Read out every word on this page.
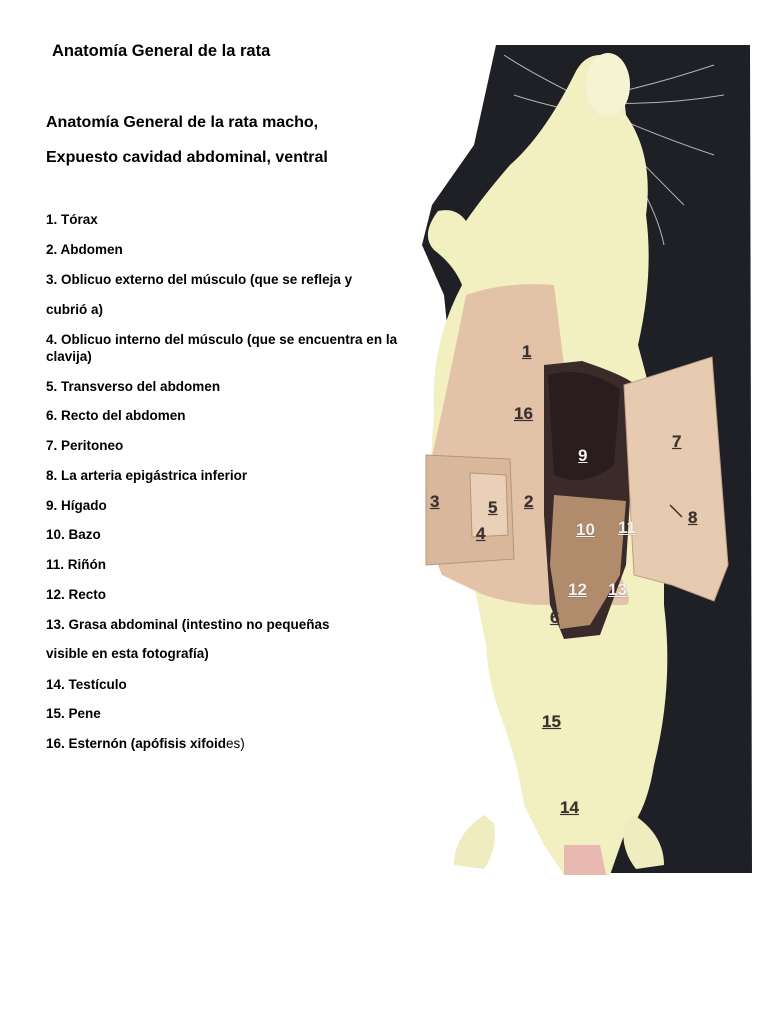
Anatomía General de la rata
Anatomía General de la rata macho,
Expuesto cavidad abdominal, ventral
1. Tórax
2. Abdomen
3. Oblicuo externo del músculo (que se refleja y
cubrió a)
4. Oblicuo interno del músculo (que se encuentra en la clavija)
5. Transverso del abdomen
6. Recto del abdomen
7. Peritoneo
8. La arteria epigástrica inferior
9. Hígado
10. Bazo
11. Riñón
12. Recto
13. Grasa abdominal (intestino no pequeñas
visible en esta fotografía)
14. Testículo
15. Pene
16. Esternón (apófisis xifoides)
1
16
9
7
3	5 2
8
4	10 11
12 13
6
15
14
